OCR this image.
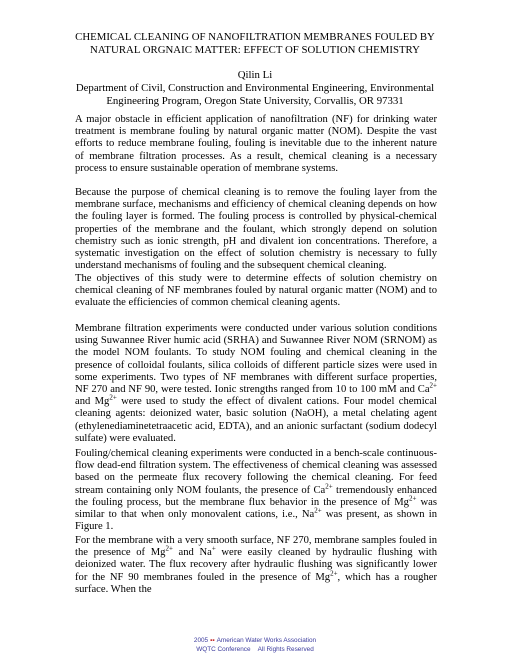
CHEMICAL CLEANING OF NANOFILTRATION MEMBRANES FOULED BY
NATURAL ORGNAIC MATTER: EFFECT OF SOLUTION CHEMISTRY
Qilin Li
Department of Civil, Construction and Environmental Engineering, Environmental
Engineering Program, Oregon State University, Corvallis, OR 97331

A major obstacle in efficient application of nanofiltration (NF) for drinking water treatment is membrane fouling by natural organic matter (NOM). Despite the vast efforts to reduce membrane fouling, fouling is inevitable due to the inherent nature of membrane filtration processes. As a result, chemical cleaning is a necessary process to ensure sustainable operation of membrane systems.

Because the purpose of chemical cleaning is to remove the fouling layer from the membrane surface, mechanisms and efficiency of chemical cleaning depends on how the fouling layer is formed. The fouling process is controlled by physical-chemical properties of the membrane and the foulant, which strongly depend on solution chemistry such as ionic strength, pH and divalent ion concentrations. Therefore, a systematic investigation on the effect of solution chemistry is necessary to fully understand mechanisms of fouling and the subsequent chemical cleaning.

The objectives of this study were to determine effects of solution chemistry on chemical cleaning of NF membranes fouled by natural organic matter (NOM) and to evaluate the efficiencies of common chemical cleaning agents.

Membrane filtration experiments were conducted under various solution conditions using Suwannee River humic acid (SRHA) and Suwannee River NOM (SRNOM) as the model NOM foulants. To study NOM fouling and chemical cleaning in the presence of colloidal foulants, silica colloids of different particle sizes were used in some experiments. Two types of NF membranes with different surface properties, NF 270 and NF 90, were tested. Ionic strengths ranged from 10 to 100 mM and $Ca^{2+}$ and $Mg^{2+}$ were used to study the effect of divalent cations. Four model chemical cleaning agents: deionized water, basic solution (NaOH), a metal chelating agent (ethylenediaminetetraacetic acid, EDTA), and an anionic surfactant (sodium dodecyl sulfate) were evaluated.

Fouling/chemical cleaning experiments were conducted in a bench-scale continuous-flow dead-end filtration system. The effectiveness of chemical cleaning was assessed based on the permeate flux recovery following the chemical cleaning. For feed stream containing only NOM foulants, the presence of $Ca^{2+}$ tremendously enhanced the fouling process, but the membrane flux behavior in the presence of $Mg^{2+}$ was similar to that when only monovalent cations, i.e., $Na^{2+}$ was present, as shown in Figure 1.

For the membrane with a very smooth surface, NF 270, membrane samples fouled in the presence of $Mg^{2+}$ and Na+ were easily cleaned by hydraulic flushing with deionized water. The flux recovery after hydraulic flushing was significantly lower for the NF 90 membranes fouled in the presence of $Mg^{2+}$, which has a rougher surface. When the

2005 ▪▪ American Water Works Association
WQTC Conference All Rights Reserved
